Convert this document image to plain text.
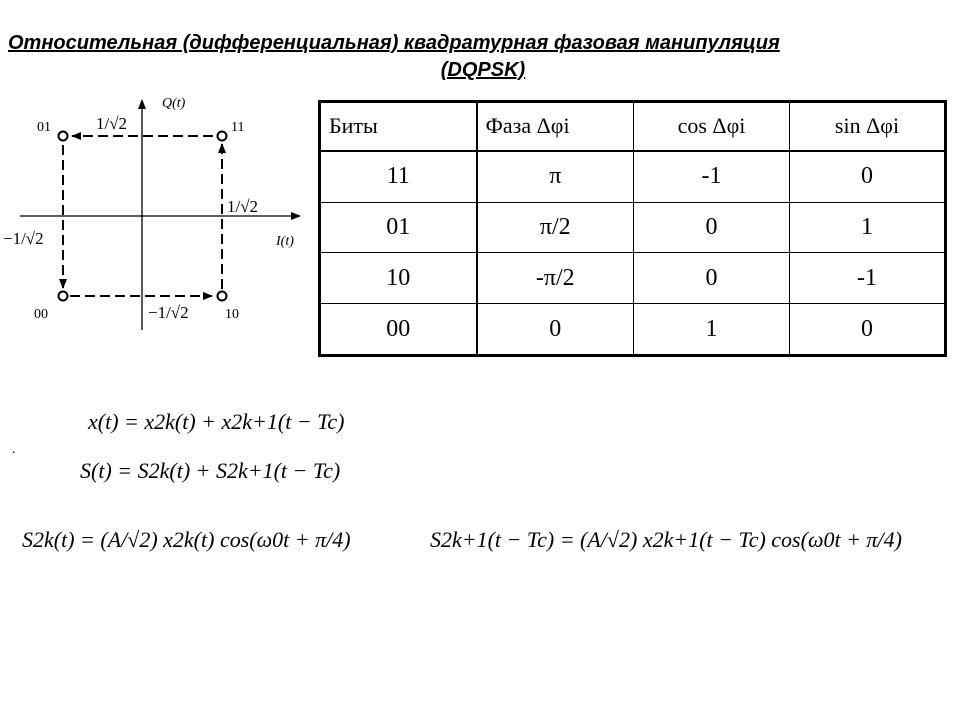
Относительная (дифференциальная) квадратурная фазовая манипуляция
(DQPSK)
Q(t)
I(t)
01	11
00	10
1/√2
1/√2
−1/√2
−1/√2
Биты	Фаза Δφi	cos Δφi	sin Δφi
11	π	-1	0
01	π/2	0	1
10	-π/2	0	-1
00	0	1	0
.
x(t) = x2k(t) + x2k+1(t − Tc)
S(t) = S2k(t) + S2k+1(t − Tc)
S2k(t) = (A/√2) x2k(t) cos(ω0t + π/4)	S2k+1(t − Tc) = (A/√2) x2k+1(t − Tc) cos(ω0t + π/4)
